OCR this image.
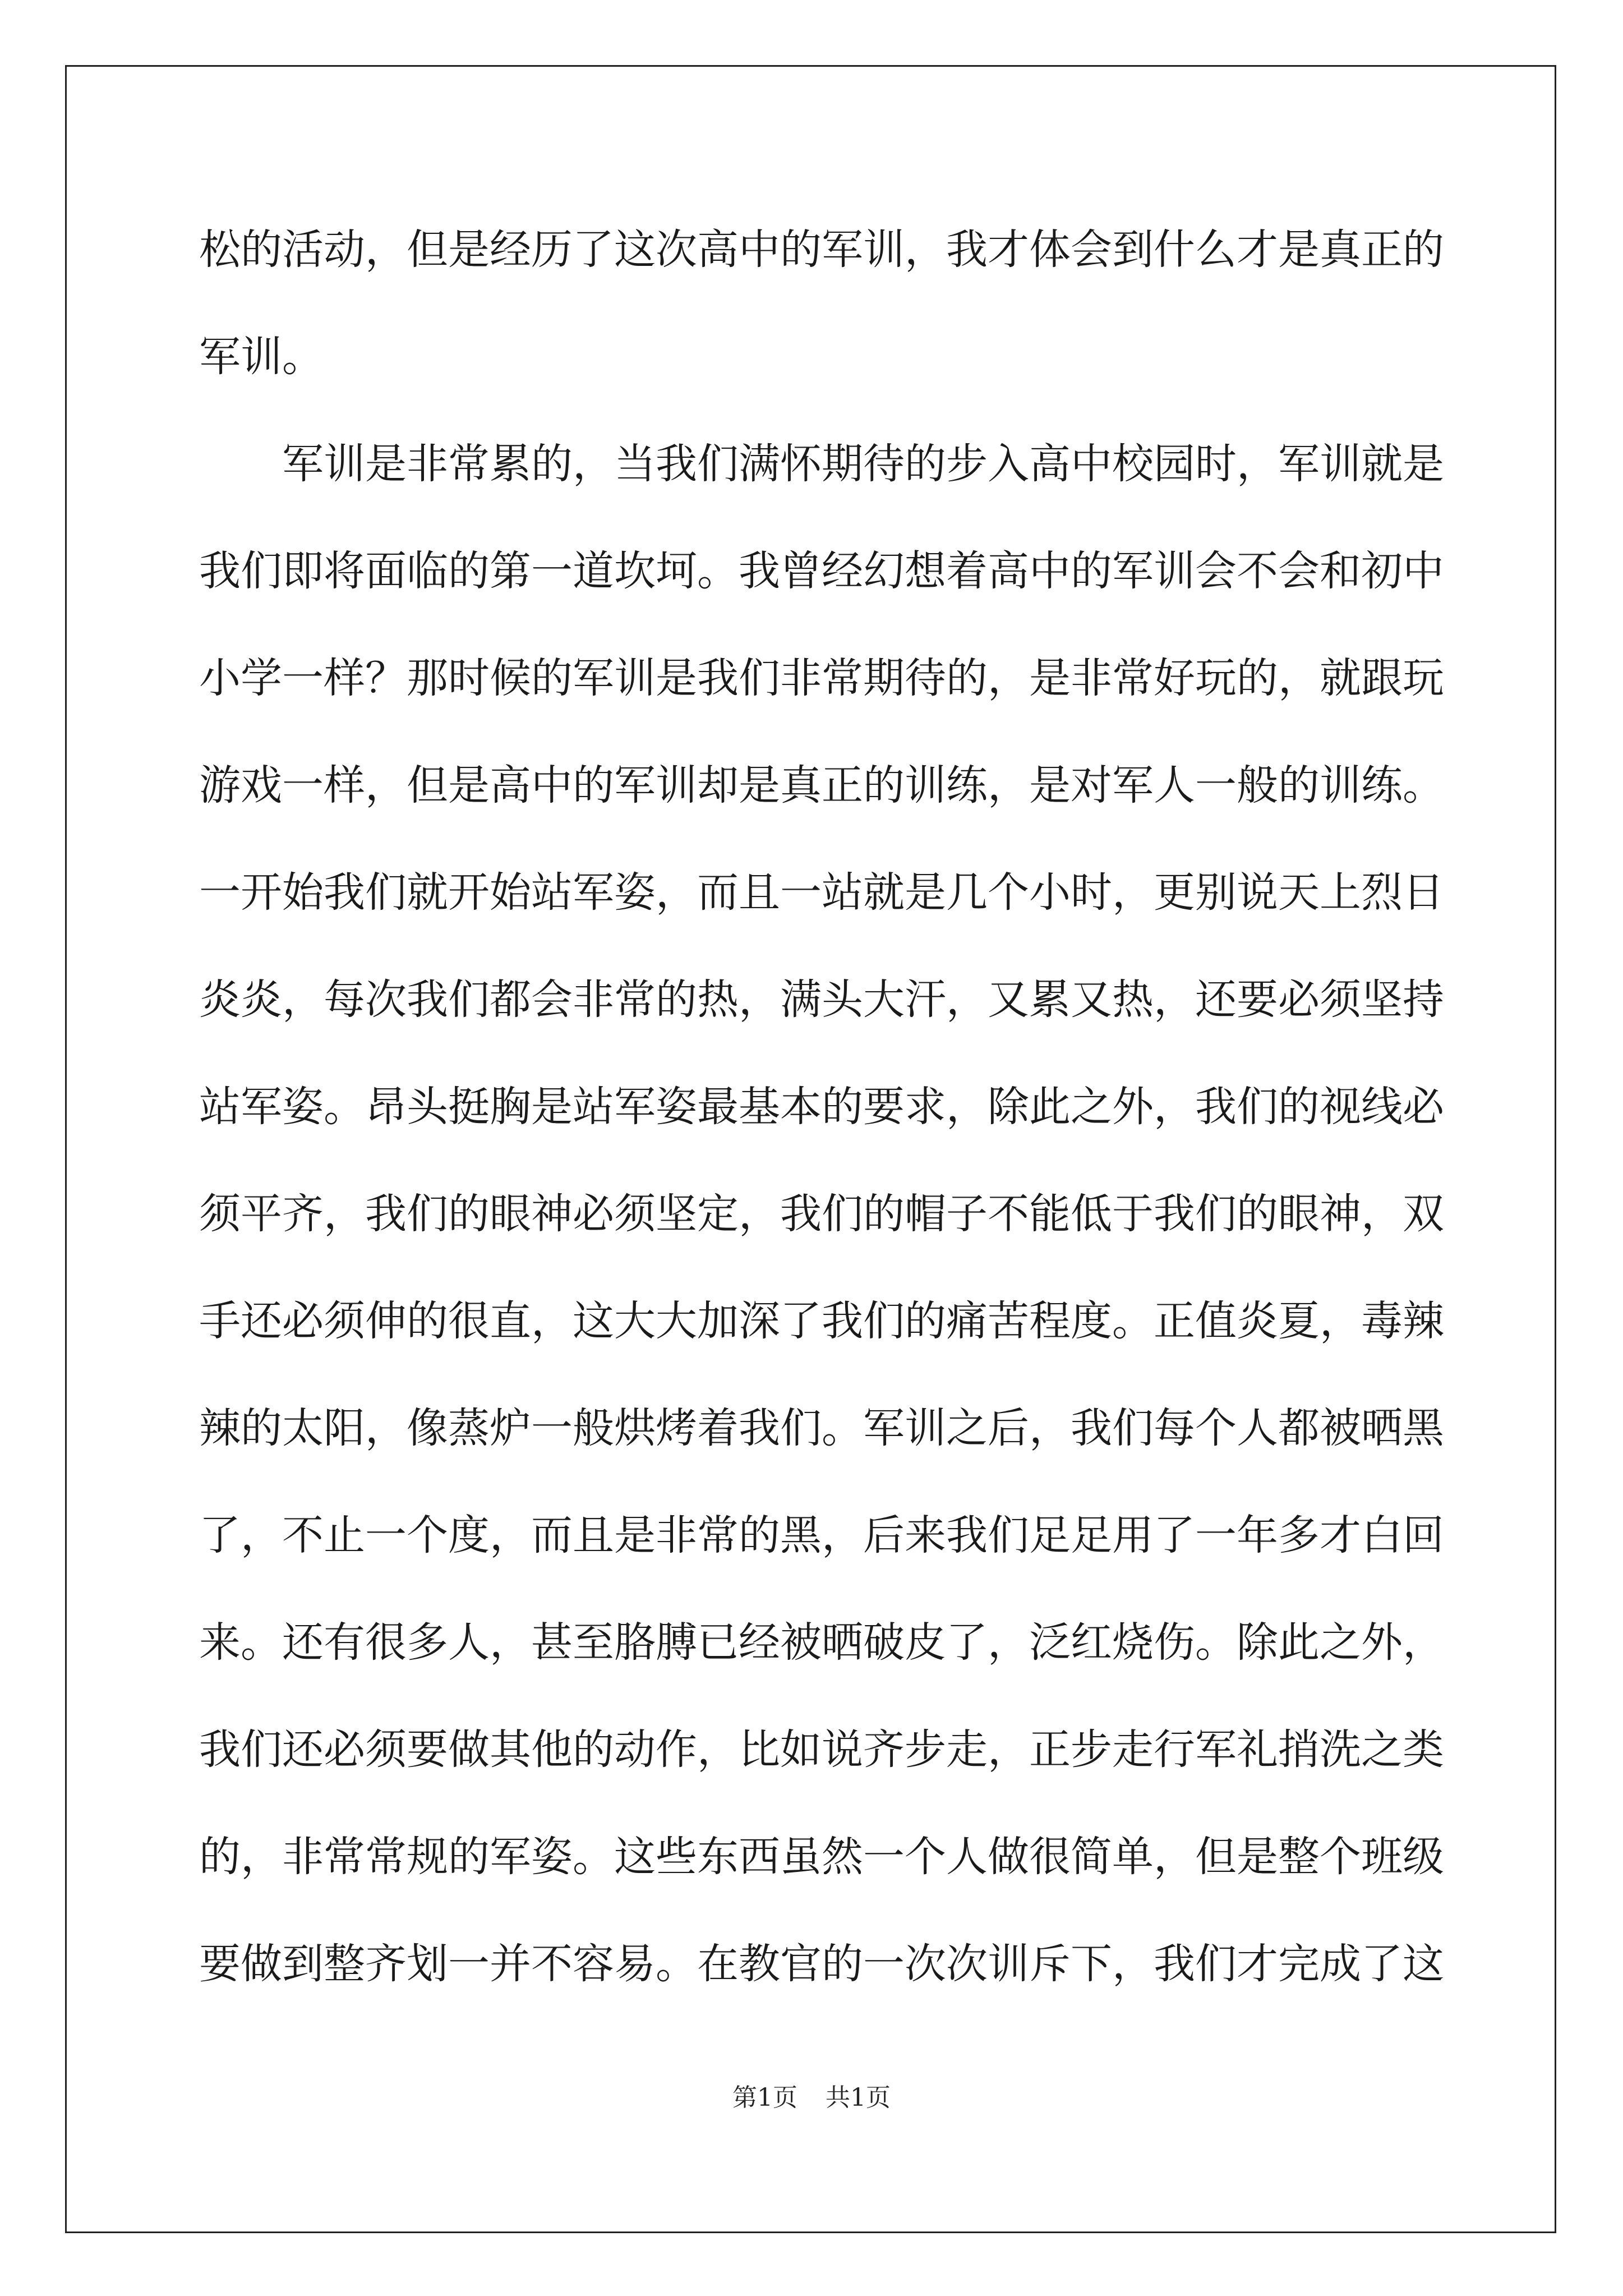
松的活动，但是经历了这次高中的军训，我才体会到什么才是真正的
军训。
军训是非常累的，当我们满怀期待的步入高中校园时，军训就是
我们即将面临的第一道坎坷。我曾经幻想着高中的军训会不会和初中
小学一样？那时候的军训是我们非常期待的，是非常好玩的，就跟玩
游戏一样，但是高中的军训却是真正的训练，是对军人一般的训练。
一开始我们就开始站军姿，而且一站就是几个小时，更别说天上烈日
炎炎，每次我们都会非常的热，满头大汗，又累又热，还要必须坚持
站军姿。昂头挺胸是站军姿最基本的要求，除此之外，我们的视线必
须平齐，我们的眼神必须坚定，我们的帽子不能低于我们的眼神，双
手还必须伸的很直，这大大加深了我们的痛苦程度。正值炎夏，毒辣
辣的太阳，像蒸炉一般烘烤着我们。军训之后，我们每个人都被晒黑
了，不止一个度，而且是非常的黑，后来我们足足用了一年多才白回
来。还有很多人，甚至胳膊已经被晒破皮了，泛红烧伤。除此之外，
我们还必须要做其他的动作，比如说齐步走，正步走行军礼捎洗之类
的，非常常规的军姿。这些东西虽然一个人做很简单，但是整个班级
要做到整齐划一并不容易。在教官的一次次训斥下，我们才完成了这
第1页 共1页
